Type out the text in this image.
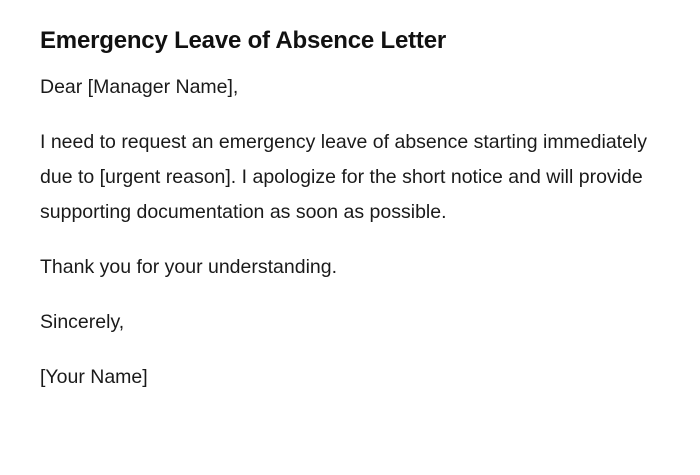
Emergency Leave of Absence Letter

Dear [Manager Name],

I need to request an emergency leave of absence starting immediately due to [urgent reason]. I apologize for the short notice and will provide supporting documentation as soon as possible.

Thank you for your understanding.

Sincerely,

[Your Name]
